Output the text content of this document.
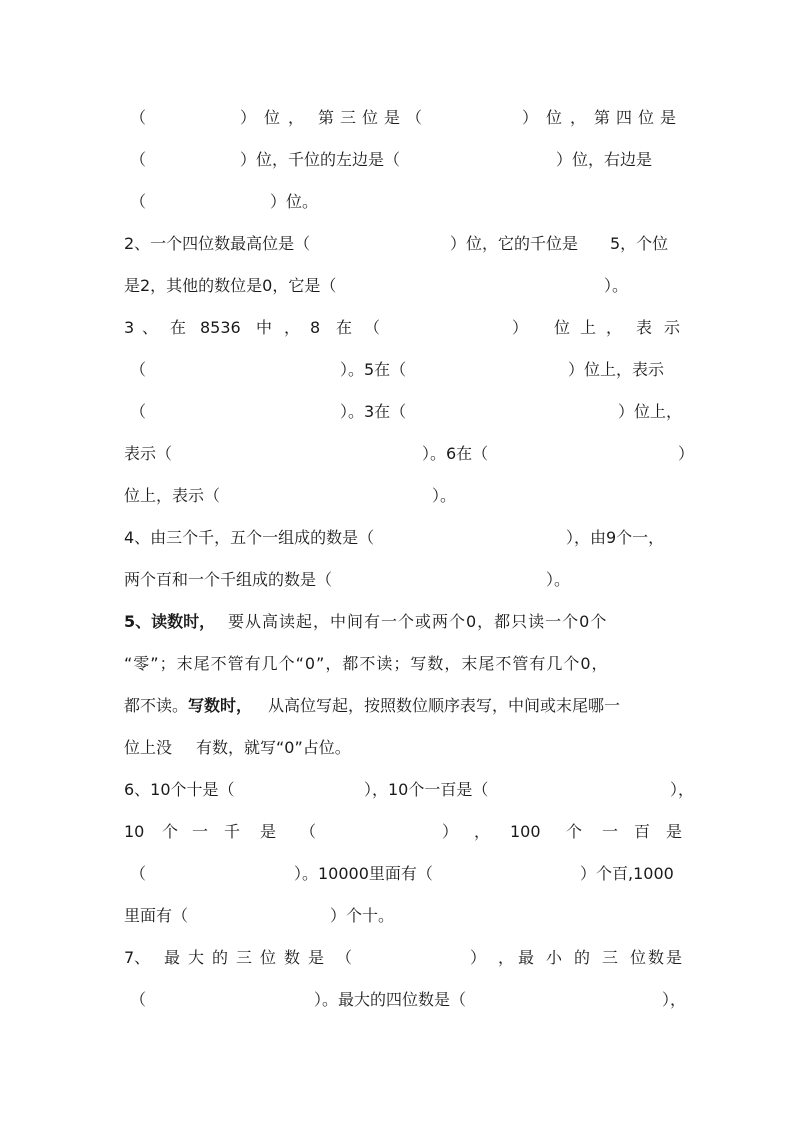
（	）位， 第三位是 （	）位， 第四位是
（	）位，千位的左边是（	）位，右边是
（	）位。
2、一个四位数最高位是（	）位，它的千位是 5，个位
是2，其他的数位是0，它是（	）。
3 、 在 8536 中 ， 8 在 （	） 位 上 ， 表 示
（	）。5在（	）位上，表示
（	）。3在（	）位上，
表示（	）。6在（	）
位上，表示（	）。
4、由三个千，五个一组成的数是（	），由9个一，
两个百和一个千组成的数是（	）。
5、读数时， 要从高读起，中间有一个或两个0，都只读一个0个
“零”；末尾不管有几个“0”，都不读；写数，末尾不管有几个0，
都不读。 写数时， 从高位写起，按照数位顺序表写，中间或末尾哪一
位上没 有数，就写“0”占位。
6、10个十是（	），10个一百是（	），
10 个 一 千 是 （	） ， 100 个 一 百 是
（	）。10000里面有（	）个百,1000
里面有（	）个十。
7、 最 大 的 三 位 数 是 （	） ， 最 小 的 三 位 数 是
（	）。最大的四位数是（	），
